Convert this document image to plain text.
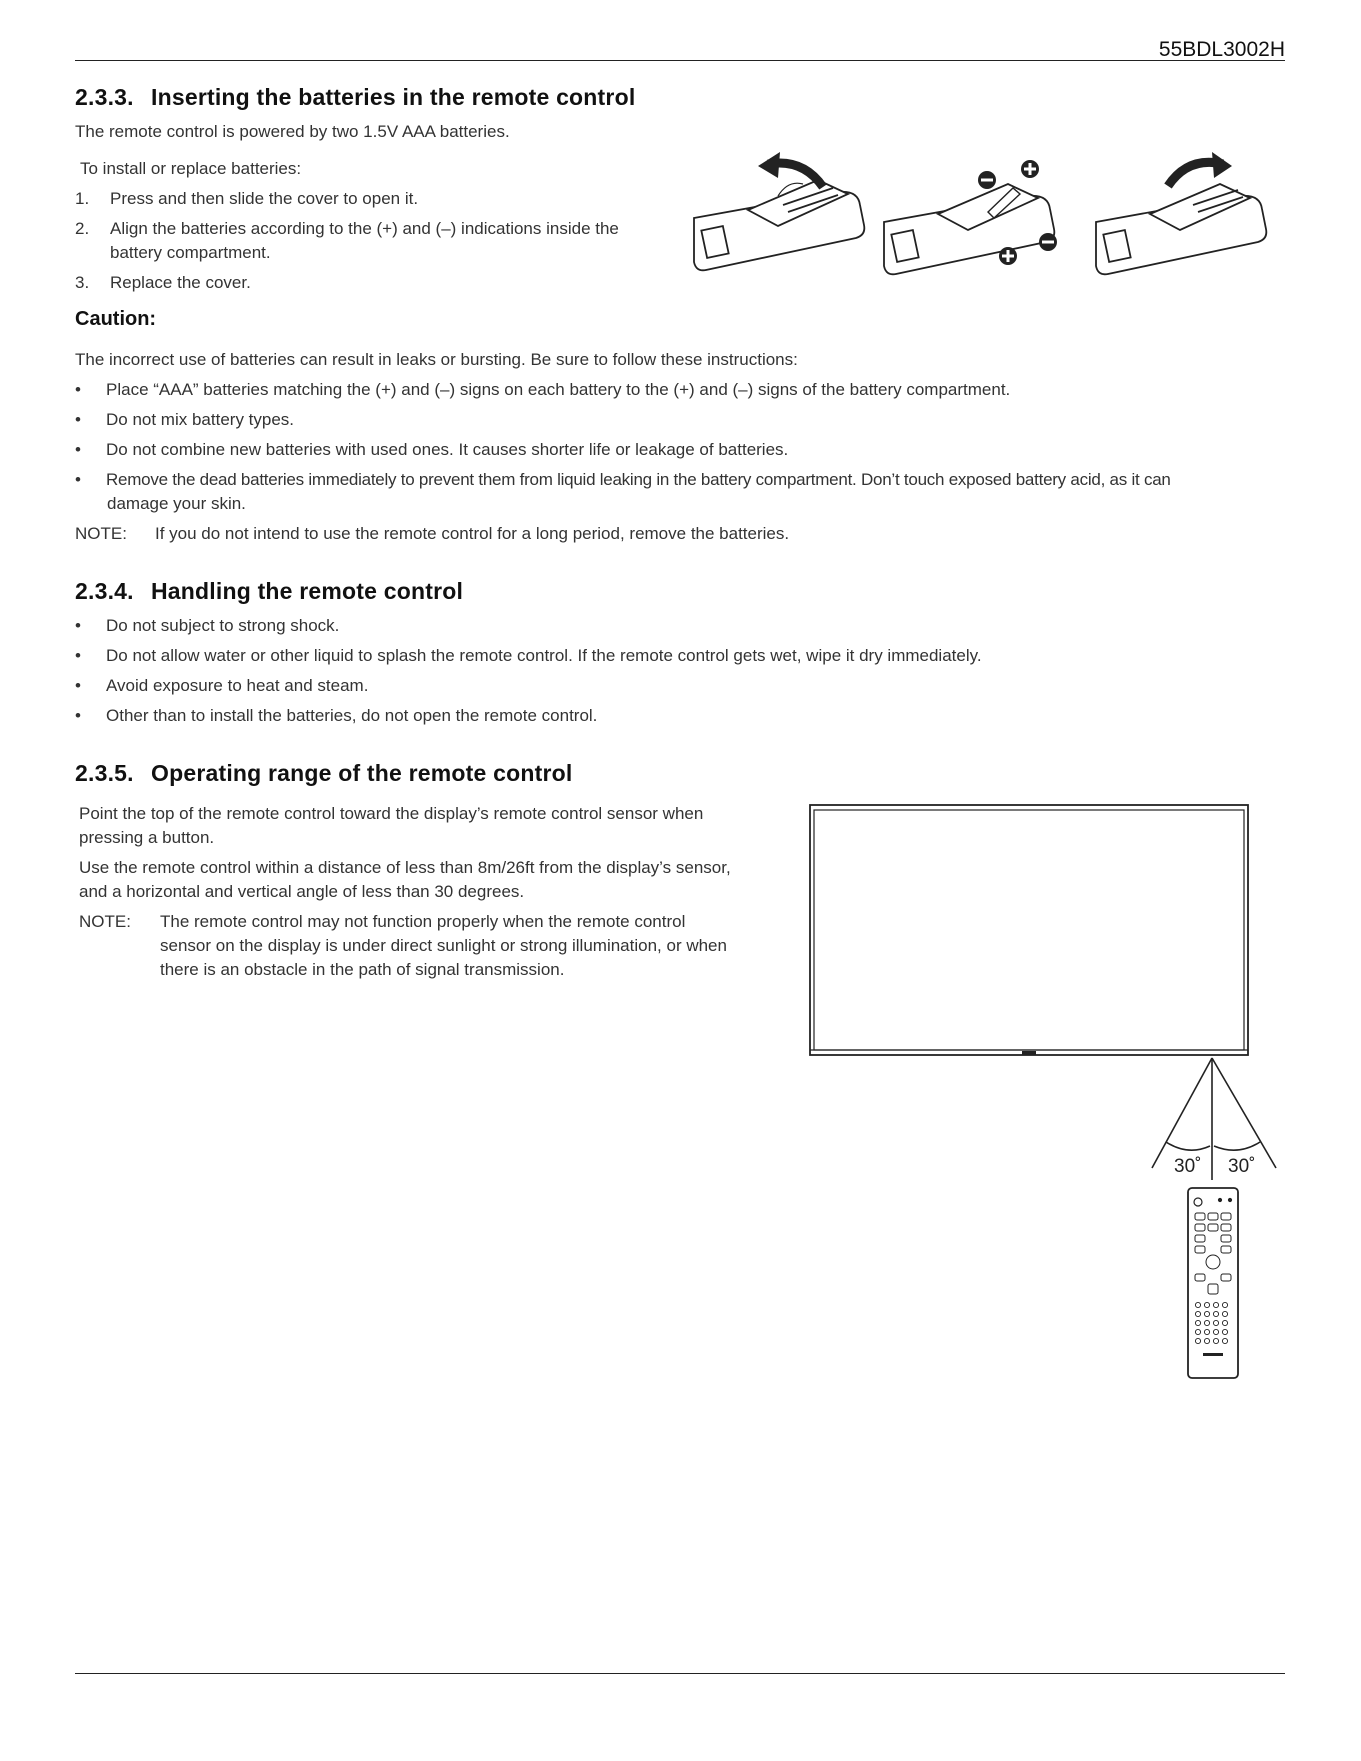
55BDL3002H
2.3.3. Inserting the batteries in the remote control
The remote control is powered by two 1.5V AAA batteries.
To install or replace batteries:
1. Press and then slide the cover to open it.
2. Align the batteries according to the (+) and (–) indications inside the
battery compartment.
3. Replace the cover.
Caution:
The incorrect use of batteries can result in leaks or bursting. Be sure to follow these instructions:
• Place “AAA” batteries matching the (+) and (–) signs on each battery to the (+) and (–) signs of the battery compartment.
• Do not mix battery types.
• Do not combine new batteries with used ones. It causes shorter life or leakage of batteries.
• Remove the dead batteries immediately to prevent them from liquid leaking in the battery compartment. Don’t touch exposed battery acid, as it can
damage your skin.
NOTE: If you do not intend to use the remote control for a long period, remove the batteries.
2.3.4. Handling the remote control
• Do not subject to strong shock.
• Do not allow water or other liquid to splash the remote control. If the remote control gets wet, wipe it dry immediately.
• Avoid exposure to heat and steam.
• Other than to install the batteries, do not open the remote control.
2.3.5. Operating range of the remote control
Point the top of the remote control toward the display’s remote control sensor when
pressing a button.
Use the remote control within a distance of less than 8m/26ft from the display’s sensor,
and a horizontal and vertical angle of less than 30 degrees.
NOTE: The remote control may not function properly when the remote control
sensor on the display is under direct sunlight or strong illumination, or when
there is an obstacle in the path of signal transmission.
30˚ 30˚
